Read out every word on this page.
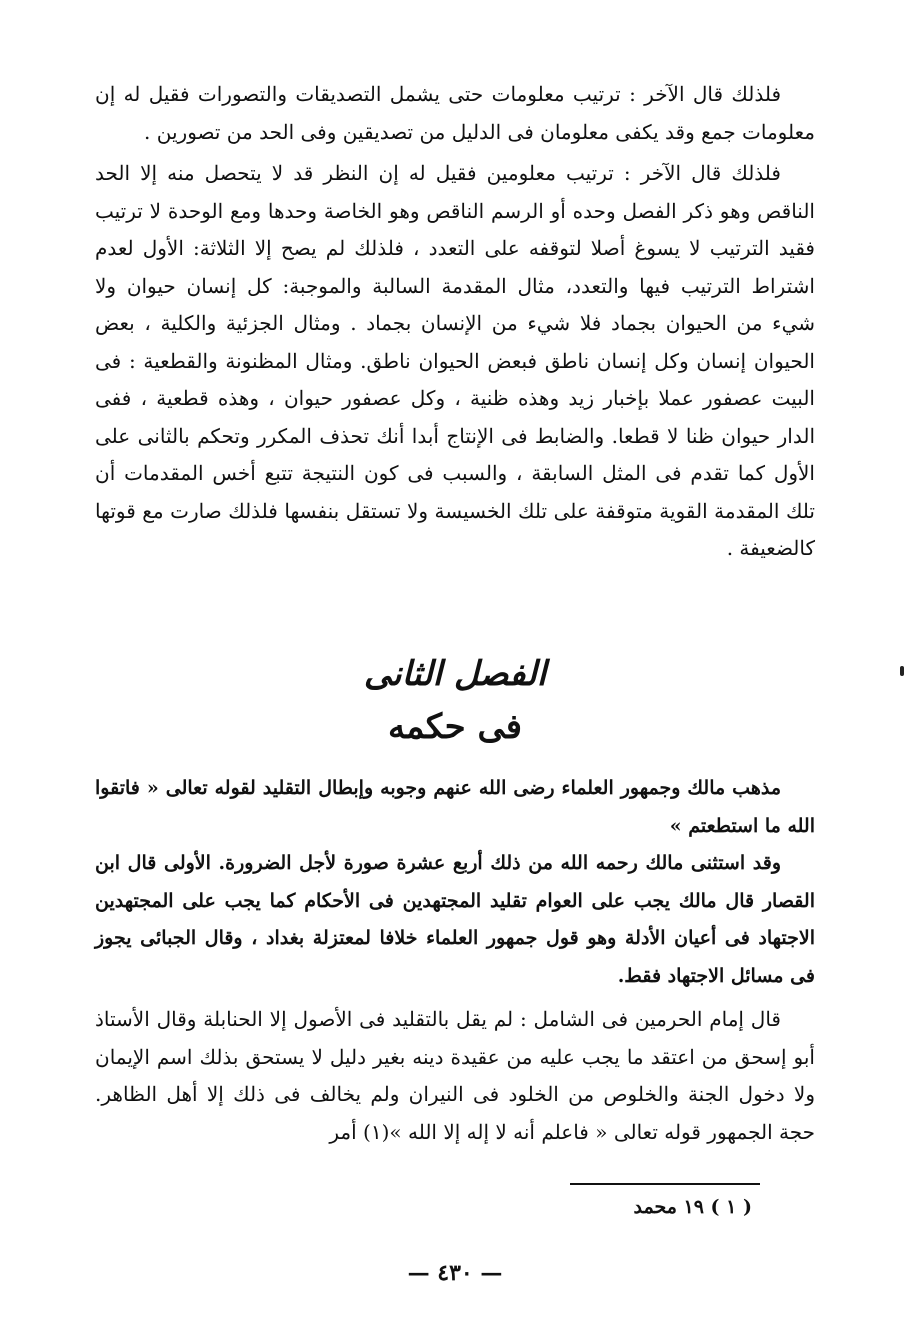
فلذلك قال الآخر : ترتيب معلومات حتى يشمل التصديقات والتصورات فقيل له إن معلومات جمع وقد يكفى معلومان فى الدليل من تصديقين وفى الحد من تصورين .

فلذلك قال الآخر : ترتيب معلومين فقيل له إن النظر قد لا يتحصل منه إلا الحد الناقص وهو ذكر الفصل وحده أو الرسم الناقص وهو الخاصة وحدها ومع الوحدة لا ترتيب فقيد الترتيب لا يسوغ أصلا لتوقفه على التعدد ، فلذلك لم يصح إلا الثلاثة: الأول لعدم اشتراط الترتيب فيها والتعدد، مثال المقدمة السالبة والموجبة: كل إنسان حيوان ولا شيء من الحيوان بجماد فلا شيء من الإنسان بجماد . ومثال الجزئية والكلية ، بعض الحيوان إنسان وكل إنسان ناطق فبعض الحيوان ناطق. ومثال المظنونة والقطعية : فى البيت عصفور عملا بإخبار زيد وهذه ظنية ، وكل عصفور حيوان ، وهذه قطعية ، ففى الدار حيوان ظنا لا قطعا. والضابط فى الإنتاج أبدا أنك تحذف المكرر وتحكم بالثانى على الأول كما تقدم فى المثل السابقة ، والسبب فى كون النتيجة تتبع أخس المقدمات أن تلك المقدمة القوية متوقفة على تلك الخسيسة ولا تستقل بنفسها فلذلك صارت مع قوتها كالضعيفة .

الفصل الثانى

فى حكمه

مذهب مالك وجمهور العلماء رضى الله عنهم وجوبه وإبطال التقليد لقوله تعالى « فاتقوا الله ما استطعتم »

وقد استثنى مالك رحمه الله من ذلك أربع عشرة صورة لأجل الضرورة. الأولى قال ابن القصار قال مالك يجب على العوام تقليد المجتهدين فى الأحكام كما يجب على المجتهدين الاجتهاد فى أعيان الأدلة وهو قول جمهور العلماء خلافا لمعتزلة بغداد ، وقال الجبائى يجوز فى مسائل الاجتهاد فقط.

قال إمام الحرمين فى الشامل : لم يقل بالتقليد فى الأصول إلا الحنابلة وقال الأستاذ أبو إسحق من اعتقد ما يجب عليه من عقيدة دينه بغير دليل لا يستحق بذلك اسم الإيمان ولا دخول الجنة والخلوص من الخلود فى النيران ولم يخالف فى ذلك إلا أهل الظاهر. حجة الجمهور قوله تعالى « فاعلم أنه لا إله إلا الله »(١) أمر

( ١ ) ١٩ محمد
— ٤٣٠ —
